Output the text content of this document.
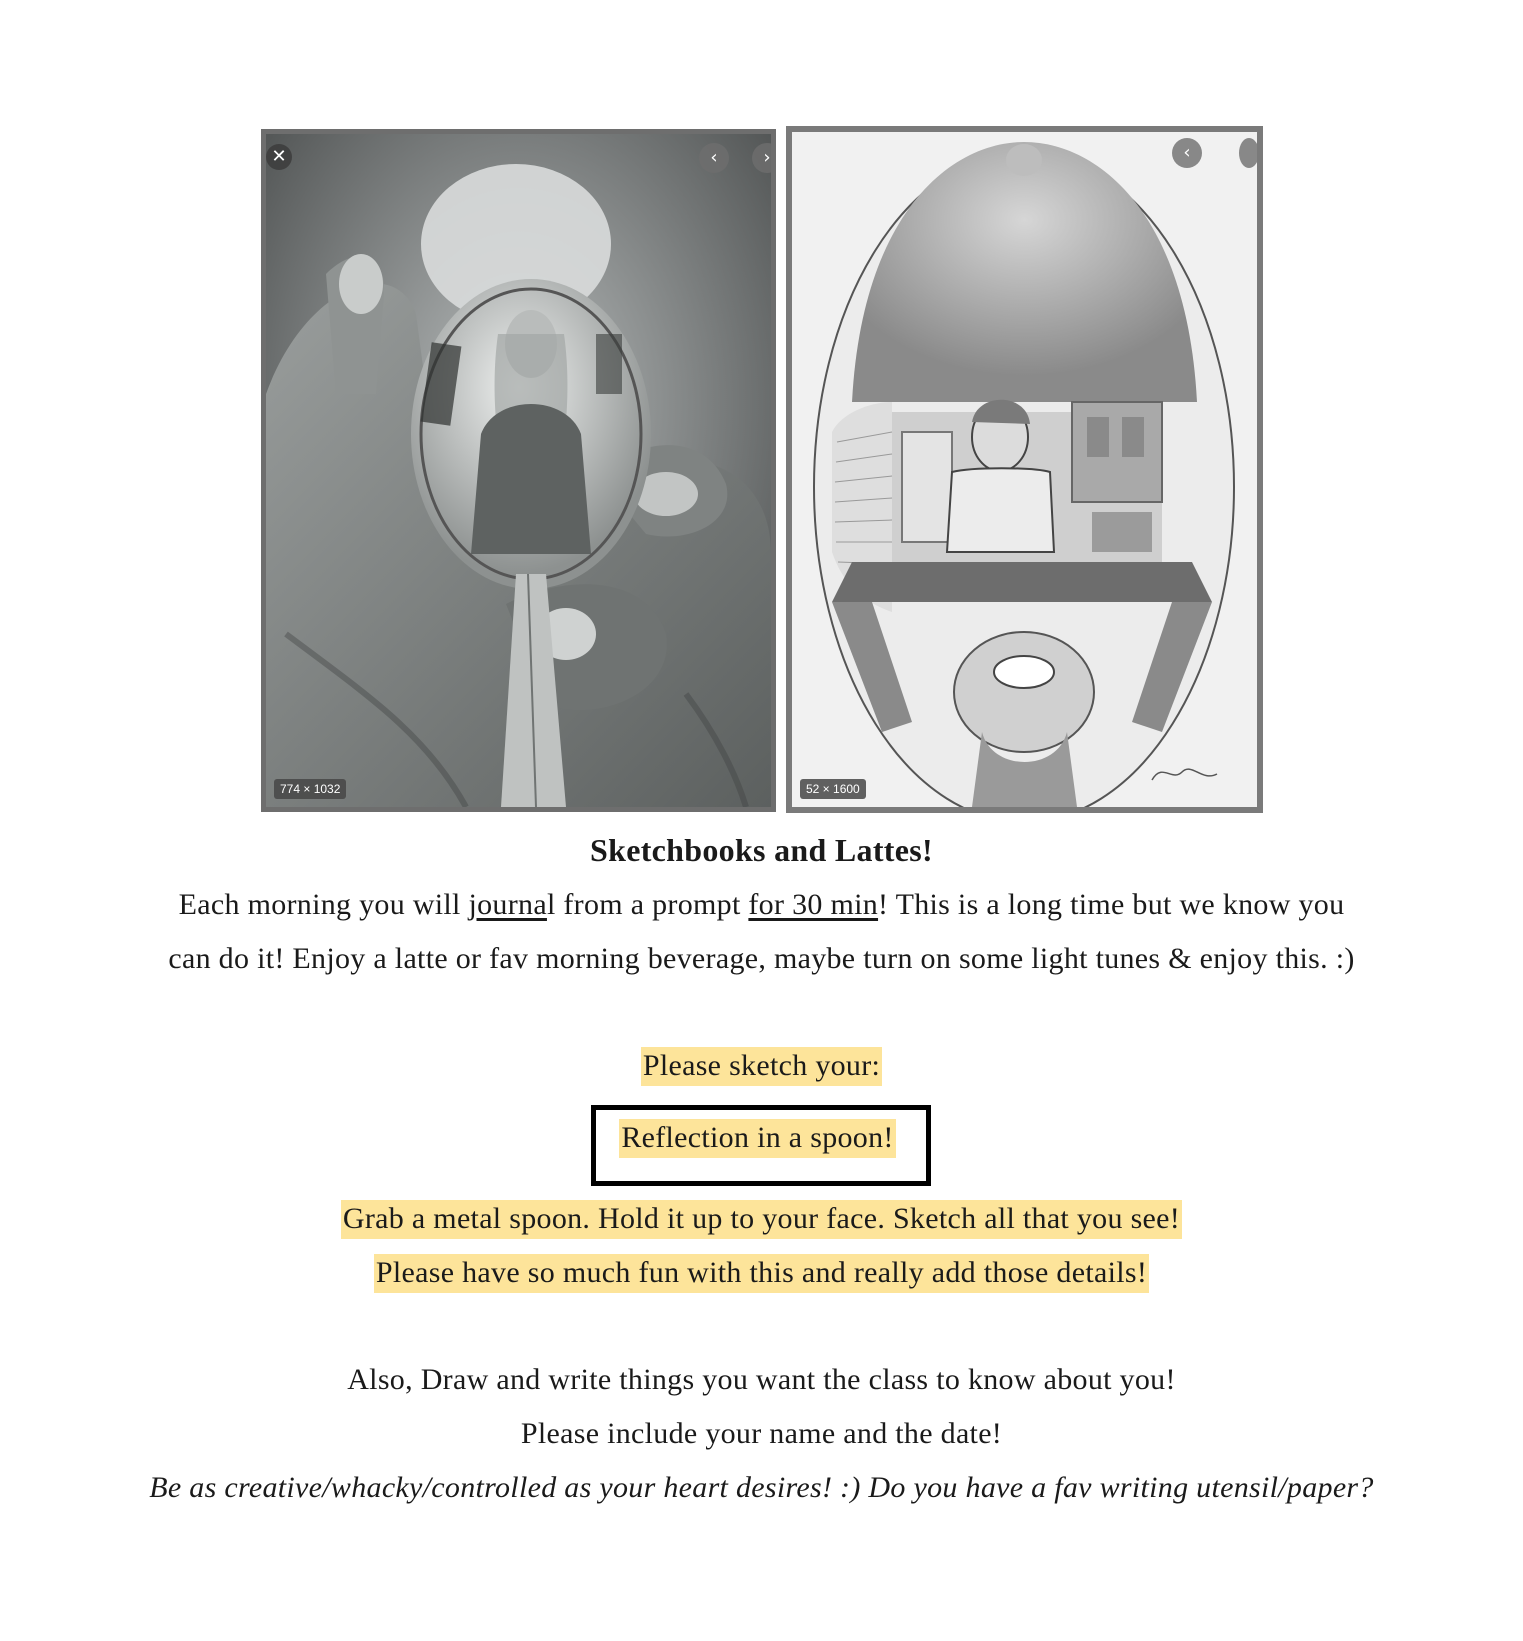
✕	‹	›
774 × 1032
‹
52 × 1600
Sketchbooks and Lattes!
Each morning you will journal from a prompt for 30 min! This is a long time but we know you
can do it! Enjoy a latte or fav morning beverage, maybe turn on some light tunes & enjoy this. :)
Please sketch your:
Reflection in a spoon!
Grab a metal spoon. Hold it up to your face. Sketch all that you see!
Please have so much fun with this and really add those details!
Also, Draw and write things you want the class to know about you!
Please include your name and the date!
Be as creative/whacky/controlled as your heart desires! :) Do you have a fav writing utensil/paper?
